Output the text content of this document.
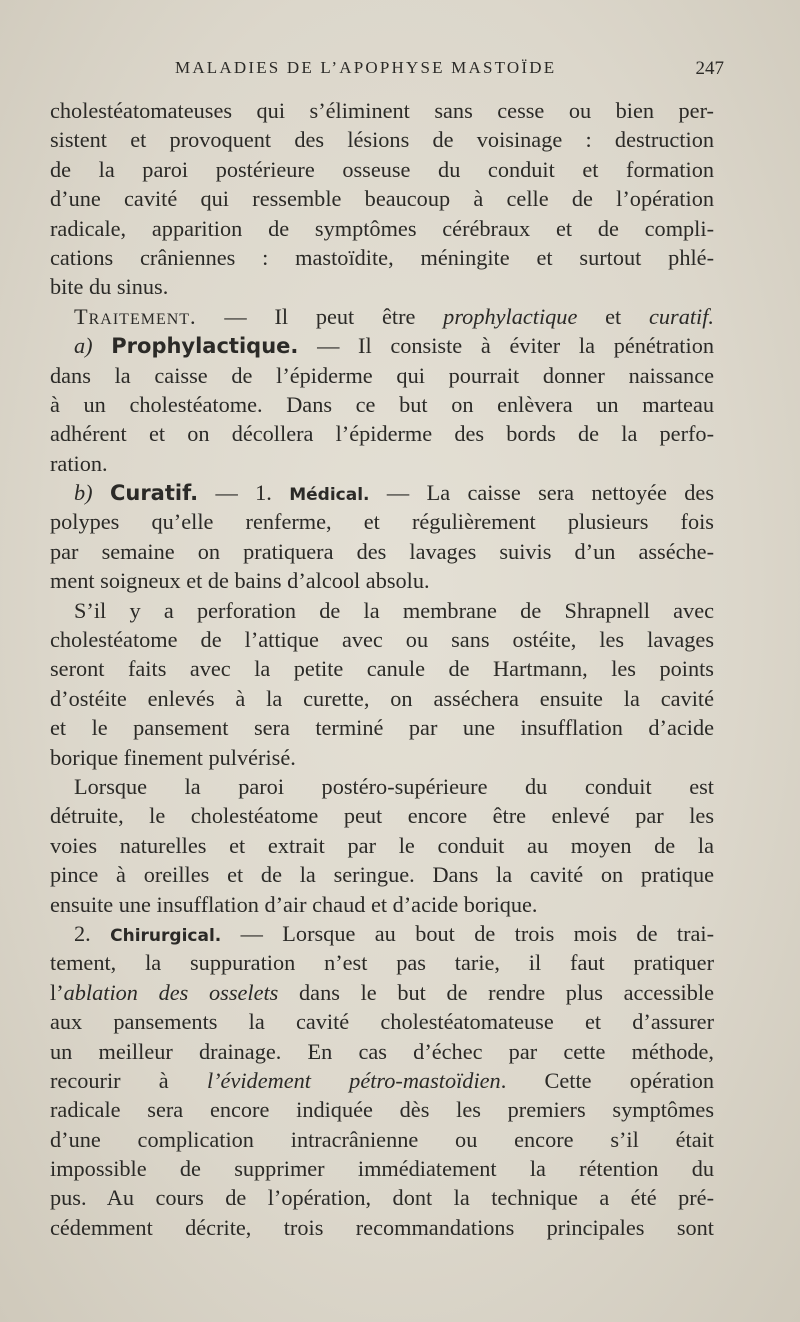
MALADIES DE L’APOPHYSE MASTOÏDE	247
cholestéatomateuses qui s’éliminent sans cesse ou bien per-
sistent et provoquent des lésions de voisinage : destruction
de la paroi postérieure osseuse du conduit et formation
d’une cavité qui ressemble beaucoup à celle de l’opération
radicale, apparition de symptômes cérébraux et de compli-
cations crâniennes : mastoïdite, méningite et surtout phlé-
bite du sinus.
Traitement. — Il peut être prophylactique et curatif.
a) Prophylactique. — Il consiste à éviter la pénétration
dans la caisse de l’épiderme qui pourrait donner naissance
à un cholestéatome. Dans ce but on enlèvera un marteau
adhérent et on décollera l’épiderme des bords de la perfo-
ration.
b) Curatif. — 1. Médical. — La caisse sera nettoyée des
polypes qu’elle renferme, et régulièrement plusieurs fois
par semaine on pratiquera des lavages suivis d’un asséche-
ment soigneux et de bains d’alcool absolu.
S’il y a perforation de la membrane de Shrapnell avec
cholestéatome de l’attique avec ou sans ostéite, les lavages
seront faits avec la petite canule de Hartmann, les points
d’ostéite enlevés à la curette, on asséchera ensuite la cavité
et le pansement sera terminé par une insufflation d’acide
borique finement pulvérisé.
Lorsque la paroi postéro-supérieure du conduit est
détruite, le cholestéatome peut encore être enlevé par les
voies naturelles et extrait par le conduit au moyen de la
pince à oreilles et de la seringue. Dans la cavité on pratique
ensuite une insufflation d’air chaud et d’acide borique.
2. Chirurgical. — Lorsque au bout de trois mois de trai-
tement, la suppuration n’est pas tarie, il faut pratiquer
l’ablation des osselets dans le but de rendre plus accessible
aux pansements la cavité cholestéatomateuse et d’assurer
un meilleur drainage. En cas d’échec par cette méthode,
recourir à l’évidement pétro-mastoïdien. Cette opération
radicale sera encore indiquée dès les premiers symptômes
d’une complication intracrânienne ou encore s’il était
impossible de supprimer immédiatement la rétention du
pus. Au cours de l’opération, dont la technique a été pré-
cédemment décrite, trois recommandations principales sont
